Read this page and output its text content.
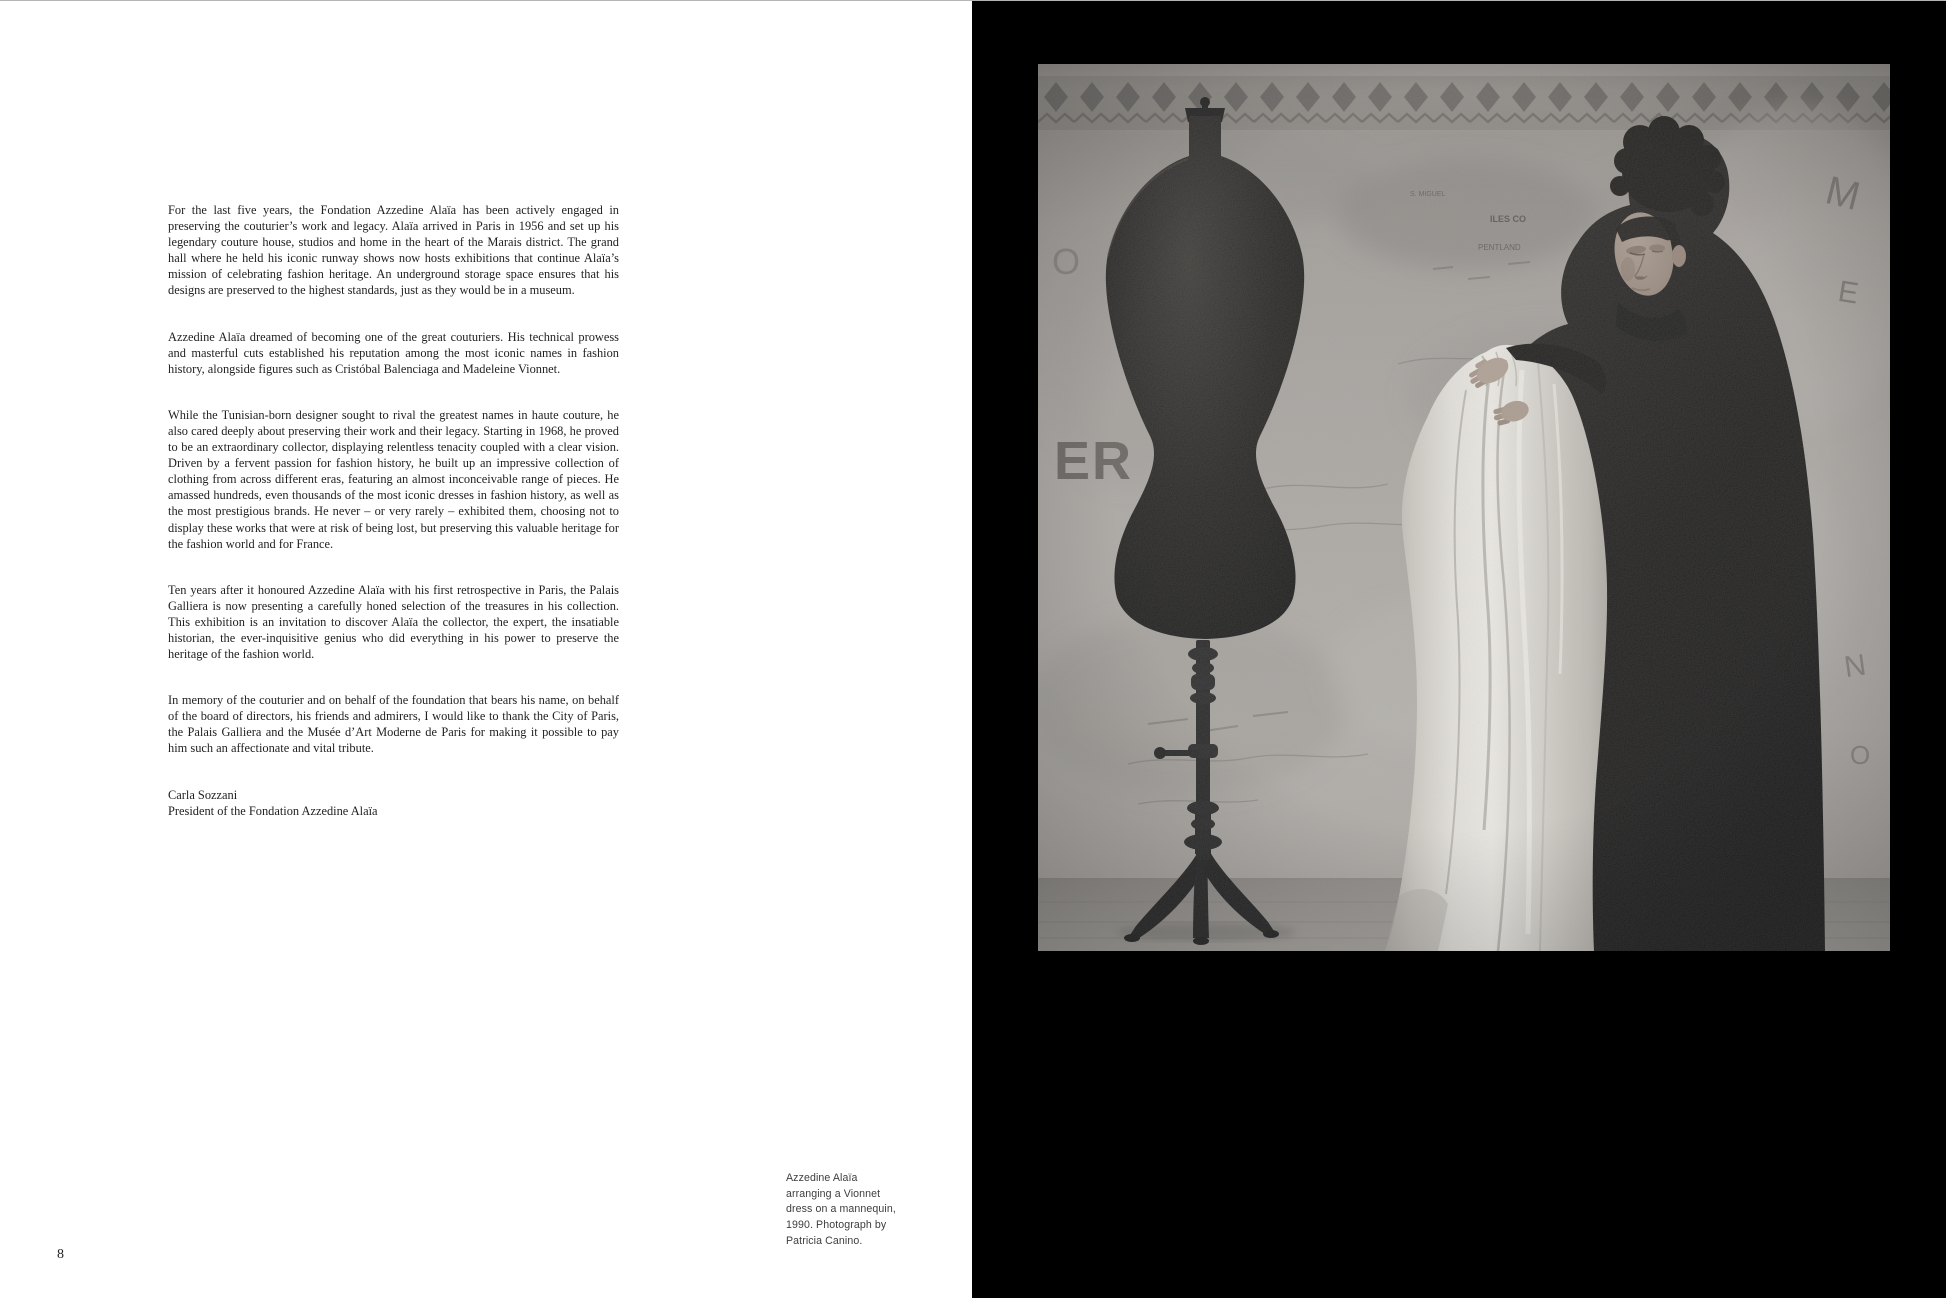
For the last five years, the Fondation Azzedine Alaïa has been actively engaged in preserving the couturier’s work and legacy. Alaïa arrived in Paris in 1956 and set up his legendary couture house, studios and home in the heart of the Marais district. The grand hall where he held his iconic runway shows now hosts exhibitions that continue Alaïa’s mission of celebrating fashion heritage. An underground storage space ensures that his designs are preserved to the highest standards, just as they would be in a museum.

Azzedine Alaïa dreamed of becoming one of the great couturiers. His technical prowess and masterful cuts established his reputation among the most iconic names in fashion history, alongside figures such as Cristóbal Balenciaga and Madeleine Vionnet.

While the Tunisian-born designer sought to rival the greatest names in haute couture, he also cared deeply about preserving their work and their legacy. Starting in 1968, he proved to be an extraordinary collector, displaying relentless tenacity coupled with a clear vision. Driven by a fervent passion for fashion history, he built up an impressive collection of clothing from across different eras, featuring an almost inconceivable range of pieces. He amassed hundreds, even thousands of the most iconic dresses in fashion history, as well as the most prestigious brands. He never – or very rarely – exhibited them, choosing not to display these works that were at risk of being lost, but preserving this valuable heritage for the fashion world and for France.

Ten years after it honoured Azzedine Alaïa with his first retrospective in Paris, the Palais Galliera is now presenting a carefully honed selection of the treasures in his collection. This exhibition is an invitation to discover Alaïa the collector, the expert, the insatiable historian, the ever-inquisitive genius who did everything in his power to preserve the heritage of the fashion world.

In memory of the couturier and on behalf of the foundation that bears his name, on behalf of the board of directors, his friends and admirers, I would like to thank the City of Paris, the Palais Galliera and the Musée d’Art Moderne de Paris for making it possible to pay him such an affectionate and vital tribute.

Carla Sozzani
President of the Fondation Azzedine Alaïa
Azzedine Alaïa
arranging a Vionnet
dress on a mannequin,
1990. Photograph by
Patricia Canino.
8
